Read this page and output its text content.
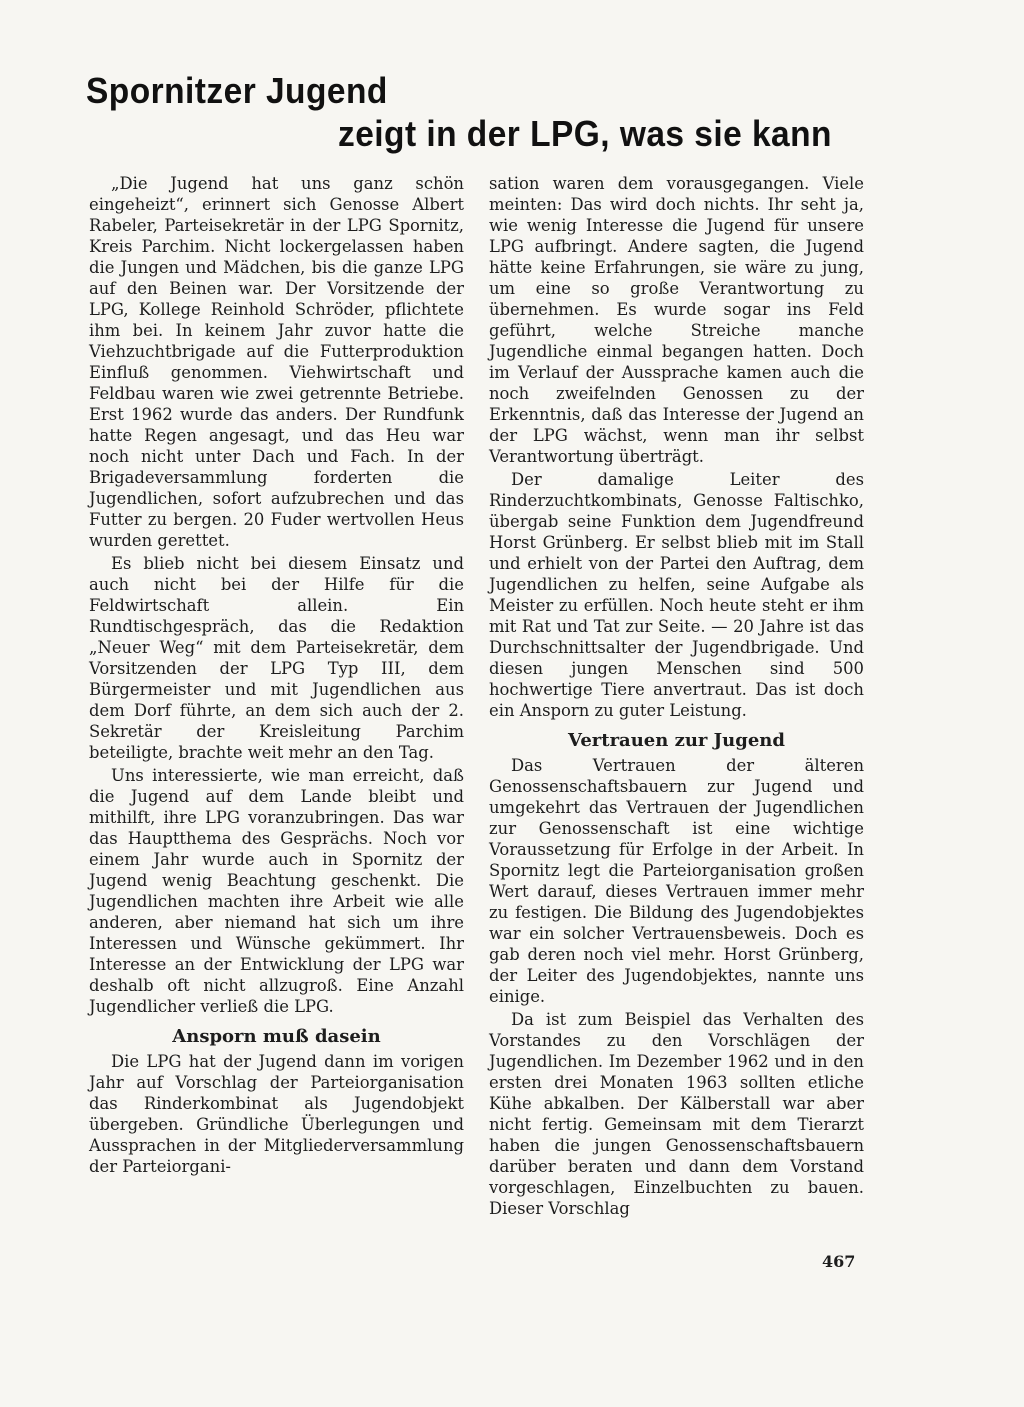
Spornitzer Jugend
zeigt in der LPG, was sie kann

„Die Jugend hat uns ganz schön eingeheizt“, erinnert sich Genosse Albert Rabeler, Parteisekretär in der LPG Spornitz, Kreis Parchim. Nicht lockergelassen haben die Jungen und Mädchen, bis die ganze LPG auf den Beinen war. Der Vorsitzende der LPG, Kollege Reinhold Schröder, pflichtete ihm bei. In keinem Jahr zuvor hatte die Viehzuchtbrigade auf die Futterproduktion Einfluß genommen. Viehwirtschaft und Feldbau waren wie zwei getrennte Betriebe. Erst 1962 wurde das anders. Der Rundfunk hatte Regen angesagt, und das Heu war noch nicht unter Dach und Fach. In der Brigadeversammlung forderten die Jugendlichen, sofort aufzubrechen und das Futter zu bergen. 20 Fuder wertvollen Heus wurden gerettet.

Es blieb nicht bei diesem Einsatz und auch nicht bei der Hilfe für die Feldwirtschaft allein. Ein Rundtischgespräch, das die Redaktion „Neuer Weg“ mit dem Parteisekretär, dem Vorsitzenden der LPG Typ III, dem Bürgermeister und mit Jugendlichen aus dem Dorf führte, an dem sich auch der 2. Sekretär der Kreisleitung Parchim beteiligte, brachte weit mehr an den Tag.

Uns interessierte, wie man erreicht, daß die Jugend auf dem Lande bleibt und mithilft, ihre LPG voranzubringen. Das war das Hauptthema des Gesprächs. Noch vor einem Jahr wurde auch in Spornitz der Jugend wenig Beachtung geschenkt. Die Jugendlichen machten ihre Arbeit wie alle anderen, aber niemand hat sich um ihre Interessen und Wünsche gekümmert. Ihr Interesse an der Entwicklung der LPG war deshalb oft nicht allzugroß. Eine Anzahl Jugendlicher verließ die LPG.

Ansporn muß dasein

Die LPG hat der Jugend dann im vorigen Jahr auf Vorschlag der Parteiorganisation das Rinderkombinat als Jugendobjekt übergeben. Gründliche Überlegungen und Aussprachen in der Mitgliederversammlung der Parteiorgani-

sation waren dem vorausgegangen. Viele meinten: Das wird doch nichts. Ihr seht ja, wie wenig Interesse die Jugend für unsere LPG aufbringt. Andere sagten, die Jugend hätte keine Erfahrungen, sie wäre zu jung, um eine so große Verantwortung zu übernehmen. Es wurde sogar ins Feld geführt, welche Streiche manche Jugendliche einmal begangen hatten. Doch im Verlauf der Aussprache kamen auch die noch zweifelnden Genossen zu der Erkenntnis, daß das Interesse der Jugend an der LPG wächst, wenn man ihr selbst Verantwortung überträgt.

Der damalige Leiter des Rinderzuchtkombinats, Genosse Faltischko, übergab seine Funktion dem Jugendfreund Horst Grünberg. Er selbst blieb mit im Stall und erhielt von der Partei den Auftrag, dem Jugendlichen zu helfen, seine Aufgabe als Meister zu erfüllen. Noch heute steht er ihm mit Rat und Tat zur Seite. — 20 Jahre ist das Durchschnittsalter der Jugendbrigade. Und diesen jungen Menschen sind 500 hochwertige Tiere anvertraut. Das ist doch ein Ansporn zu guter Leistung.

Vertrauen zur Jugend

Das Vertrauen der älteren Genossenschaftsbauern zur Jugend und umgekehrt das Vertrauen der Jugendlichen zur Genossenschaft ist eine wichtige Voraussetzung für Erfolge in der Arbeit. In Spornitz legt die Parteiorganisation großen Wert darauf, dieses Vertrauen immer mehr zu festigen. Die Bildung des Jugendobjektes war ein solcher Vertrauensbeweis. Doch es gab deren noch viel mehr. Horst Grünberg, der Leiter des Jugendobjektes, nannte uns einige.

Da ist zum Beispiel das Verhalten des Vorstandes zu den Vorschlägen der Jugendlichen. Im Dezember 1962 und in den ersten drei Monaten 1963 sollten etliche Kühe abkalben. Der Kälberstall war aber nicht fertig. Gemeinsam mit dem Tierarzt haben die jungen Genossenschaftsbauern darüber beraten und dann dem Vorstand vorgeschlagen, Einzelbuchten zu bauen. Dieser Vorschlag

467
